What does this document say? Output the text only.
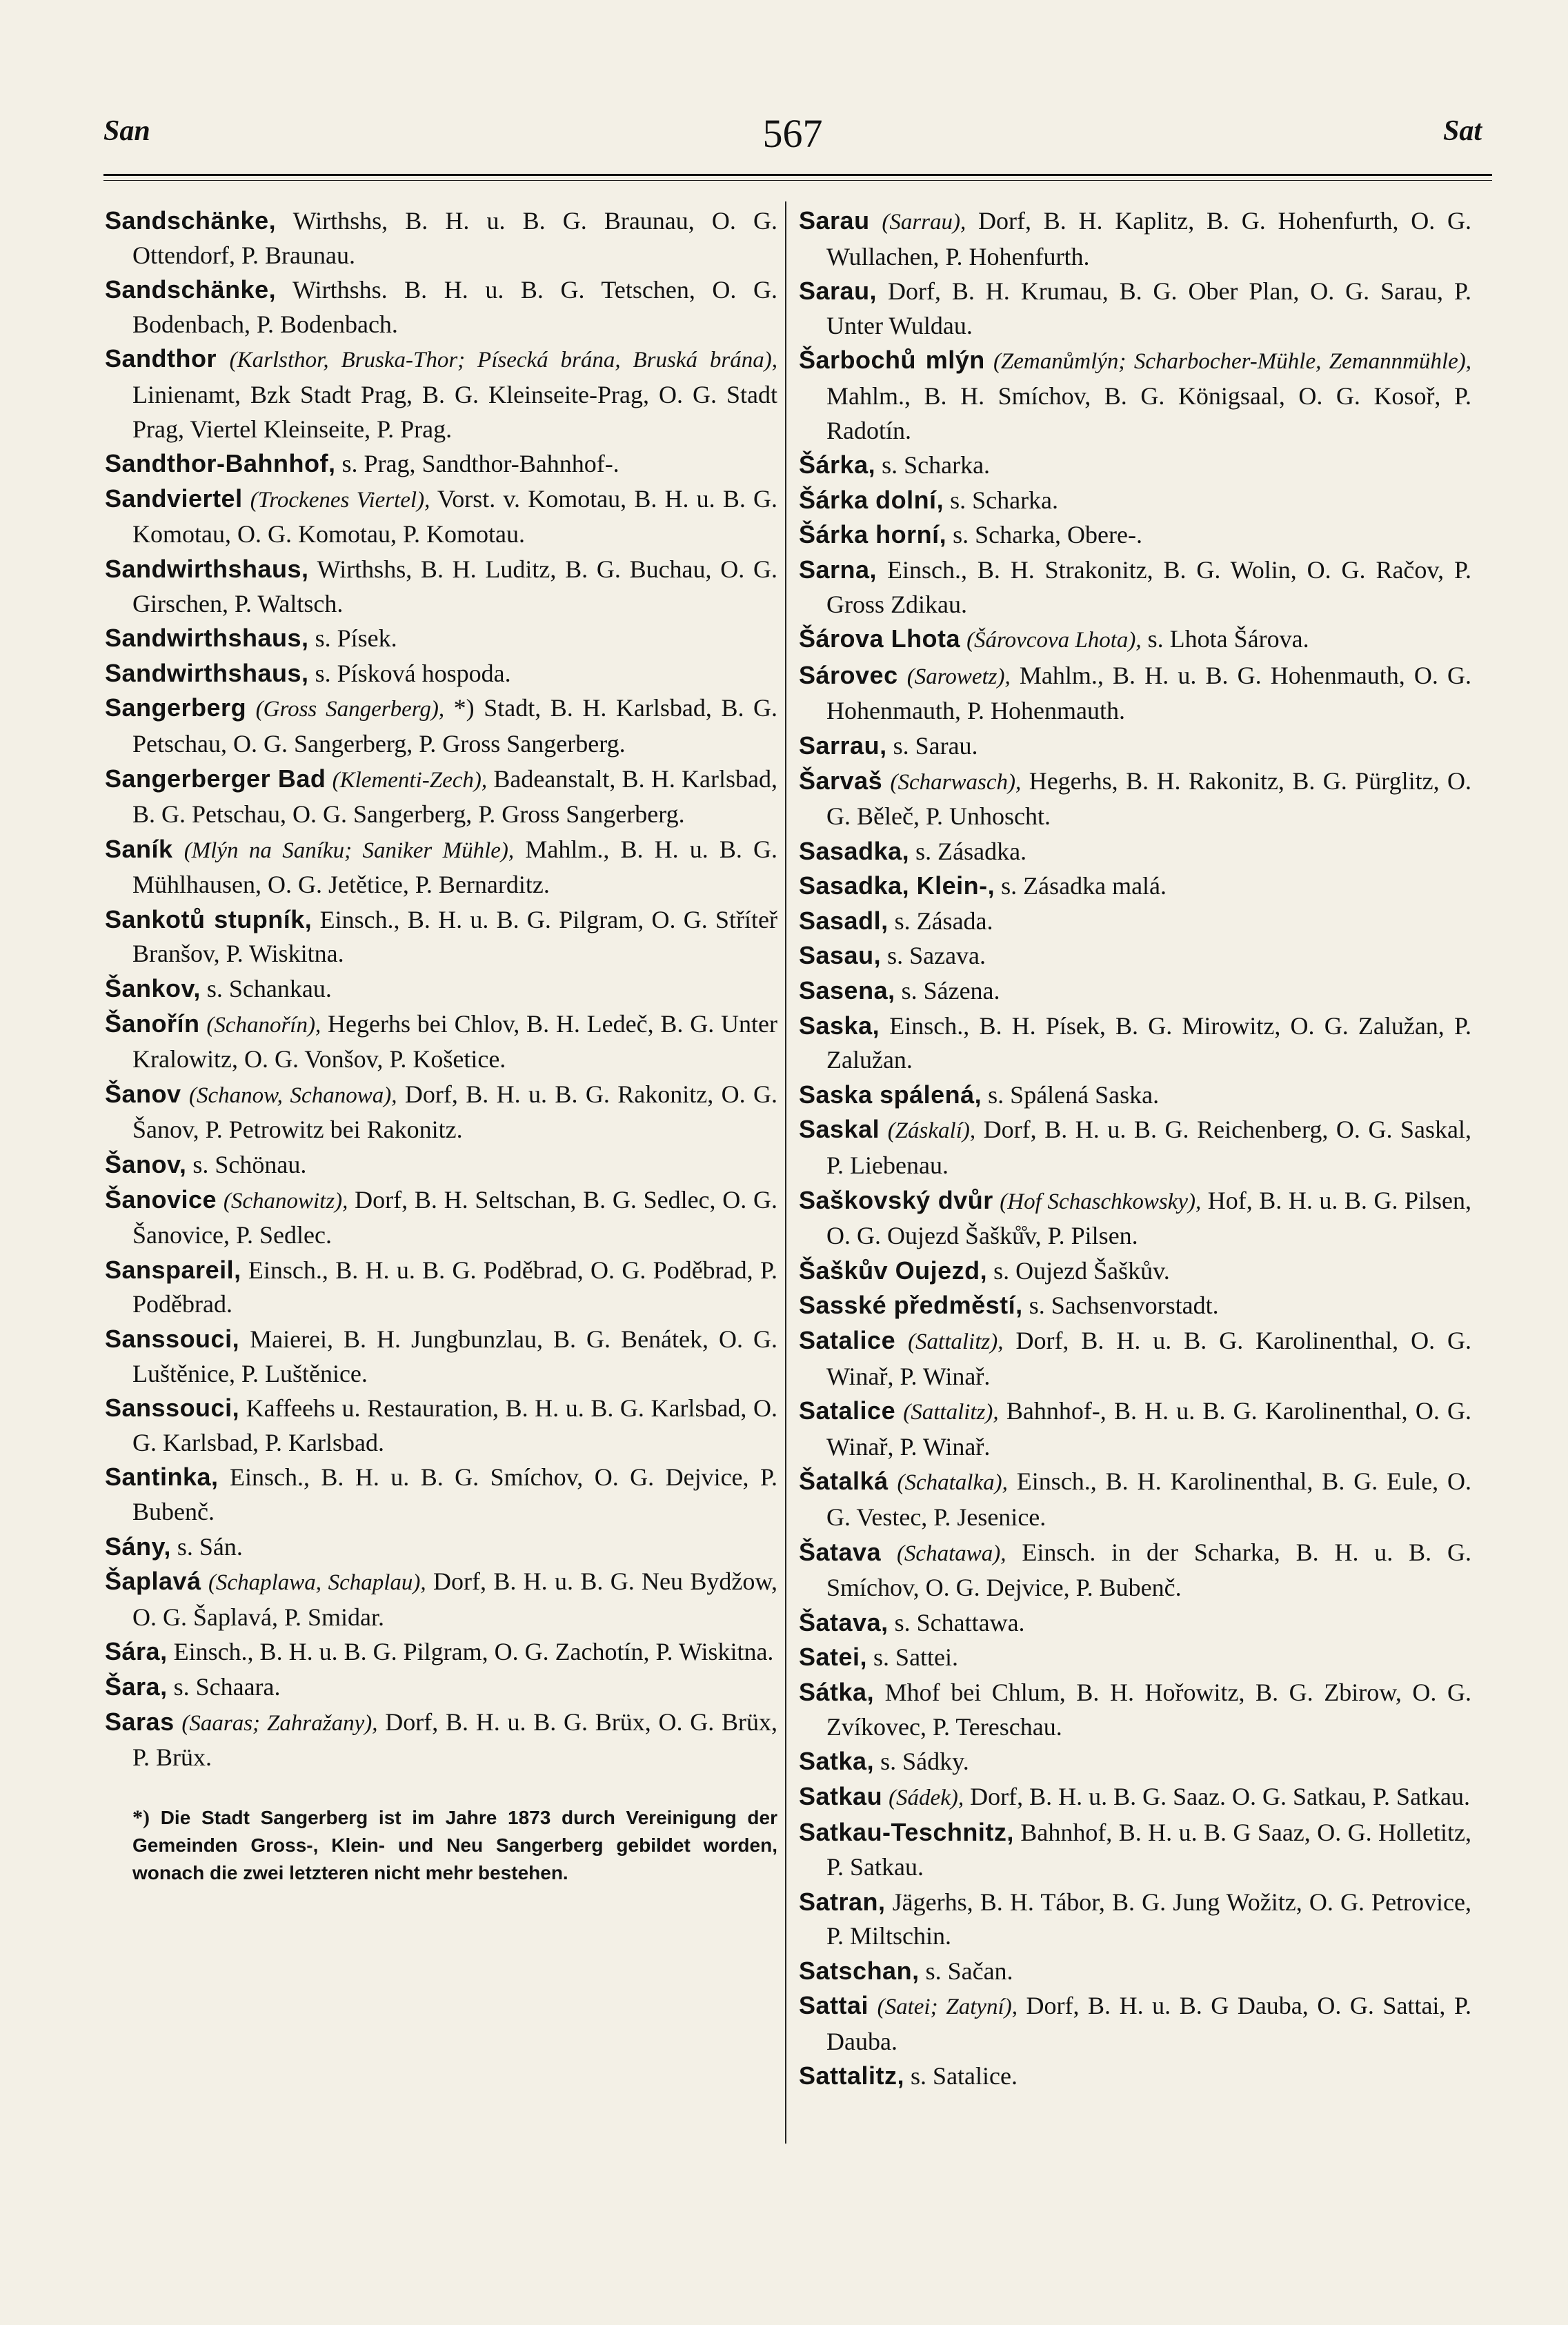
San	567	Sat

Sandschänke, Wirthshs, B. H. u. B. G. Braunau, O. G. Ottendorf, P. Braunau.

Sandschänke, Wirthshs. B. H. u. B. G. Tetschen, O. G. Bodenbach, P. Bodenbach.

Sandthor (Karlsthor, Bruska-Thor; Písecká brána, Bruská brána), Linienamt, Bzk Stadt Prag, B. G. Kleinseite-Prag, O. G. Stadt Prag, Viertel Kleinseite, P. Prag.

Sandthor-Bahnhof, s. Prag, Sandthor-Bahnhof-.

Sandviertel (Trockenes Viertel), Vorst. v. Komotau, B. H. u. B. G. Komotau, O. G. Komotau, P. Komotau.

Sandwirthshaus, Wirthshs, B. H. Luditz, B. G. Buchau, O. G. Girschen, P. Waltsch.

Sandwirthshaus, s. Písek.

Sandwirthshaus, s. Písková hospoda.

Sangerberg (Gross Sangerberg), *) Stadt, B. H. Karlsbad, B. G. Petschau, O. G. Sangerberg, P. Gross Sangerberg.

Sangerberger Bad (Klementi-Zech), Badeanstalt, B. H. Karlsbad, B. G. Petschau, O. G. Sangerberg, P. Gross Sangerberg.

Saník (Mlýn na Saníku; Saniker Mühle), Mahlm., B. H. u. B. G. Mühlhausen, O. G. Jetětice, P. Bernarditz.

Sankotů stupník, Einsch., B. H. u. B. G. Pilgram, O. G. Stříteř Branšov, P. Wiskitna.

Šankov, s. Schankau.

Šanořín (Schanořín), Hegerhs bei Chlov, B. H. Ledeč, B. G. Unter Kralowitz, O. G. Vonšov, P. Košetice.

Šanov (Schanow, Schanowa), Dorf, B. H. u. B. G. Rakonitz, O. G. Šanov, P. Petrowitz bei Rakonitz.

Šanov, s. Schönau.

Šanovice (Schanowitz), Dorf, B. H. Seltschan, B. G. Sedlec, O. G. Šanovice, P. Sedlec.

Sanspareil, Einsch., B. H. u. B. G. Poděbrad, O. G. Poděbrad, P. Poděbrad.

Sanssouci, Maierei, B. H. Jungbunzlau, B. G. Benátek, O. G. Luštěnice, P. Luštěnice.

Sanssouci, Kaffeehs u. Restauration, B. H. u. B. G. Karlsbad, O. G. Karlsbad, P. Karlsbad.

Santinka, Einsch., B. H. u. B. G. Smíchov, O. G. Dejvice, P. Bubenč.

Sány, s. Sán.

Šaplavá (Schaplawa, Schaplau), Dorf, B. H. u. B. G. Neu Bydžow, O. G. Šaplavá, P. Smidar.

Sára, Einsch., B. H. u. B. G. Pilgram, O. G. Zachotín, P. Wiskitna.

Šara, s. Schaara.

Saras (Saaras; Zahražany), Dorf, B. H. u. B. G. Brüx, O. G. Brüx, P. Brüx.

*) Die Stadt Sangerberg ist im Jahre 1873 durch Vereinigung der Gemeinden Gross-, Klein- und Neu Sangerberg gebildet worden, wonach die zwei letzteren nicht mehr bestehen.

Sarau (Sarrau), Dorf, B. H. Kaplitz, B. G. Hohenfurth, O. G. Wullachen, P. Hohenfurth.

Sarau, Dorf, B. H. Krumau, B. G. Ober Plan, O. G. Sarau, P. Unter Wuldau.

Šarbochů mlýn (Zemanůmlýn; Scharbocher-Mühle, Zemannmühle), Mahlm., B. H. Smíchov, B. G. Königsaal, O. G. Kosoř, P. Radotín.

Šárka, s. Scharka.

Šárka dolní, s. Scharka.

Šárka horní, s. Scharka, Obere-.

Sarna, Einsch., B. H. Strakonitz, B. G. Wolin, O. G. Račov, P. Gross Zdikau.

Šárova Lhota (Šárovcova Lhota), s. Lhota Šárova.

Sárovec (Sarowetz), Mahlm., B. H. u. B. G. Hohenmauth, O. G. Hohenmauth, P. Hohenmauth.

Sarrau, s. Sarau.

Šarvaš (Scharwasch), Hegerhs, B. H. Rakonitz, B. G. Pürglitz, O. G. Běleč, P. Unhoscht.

Sasadka, s. Zásadka.

Sasadka, Klein-, s. Zásadka malá.

Sasadl, s. Zásada.

Sasau, s. Sazava.

Sasena, s. Sázena.

Saska, Einsch., B. H. Písek, B. G. Mirowitz, O. G. Zalužan, P. Zalužan.

Saska spálená, s. Spálená Saska.

Saskal (Záskalí), Dorf, B. H. u. B. G. Reichenberg, O. G. Saskal, P. Liebenau.

Saškovský dvůr (Hof Schaschkowsky), Hof, B. H. u. B. G. Pilsen, O. G. Oujezd Šašků̊v, P. Pilsen.

Šaškův Oujezd, s. Oujezd Šaškův.

Sasské předměstí, s. Sachsenvorstadt.

Satalice (Sattalitz), Dorf, B. H. u. B. G. Karolinenthal, O. G. Winař, P. Winař.

Satalice (Sattalitz), Bahnhof-, B. H. u. B. G. Karolinenthal, O. G. Winař, P. Winař.

Šatalká (Schatalka), Einsch., B. H. Karolinenthal, B. G. Eule, O. G. Vestec, P. Jesenice.

Šatava (Schatawa), Einsch. in der Scharka, B. H. u. B. G. Smíchov, O. G. Dejvice, P. Bubenč.

Šatava, s. Schattawa.

Satei, s. Sattei.

Sátka, Mhof bei Chlum, B. H. Hořowitz, B. G. Zbirow, O. G. Zvíkovec, P. Tereschau.

Satka, s. Sádky.

Satkau (Sádek), Dorf, B. H. u. B. G. Saaz. O. G. Satkau, P. Satkau.

Satkau-Teschnitz, Bahnhof, B. H. u. B. G Saaz, O. G. Holletitz, P. Satkau.

Satran, Jägerhs, B. H. Tábor, B. G. Jung Wožitz, O. G. Petrovice, P. Miltschin.

Satschan, s. Sačan.

Sattai (Satei; Zatyní), Dorf, B. H. u. B. G Dauba, O. G. Sattai, P. Dauba.

Sattalitz, s. Satalice.
